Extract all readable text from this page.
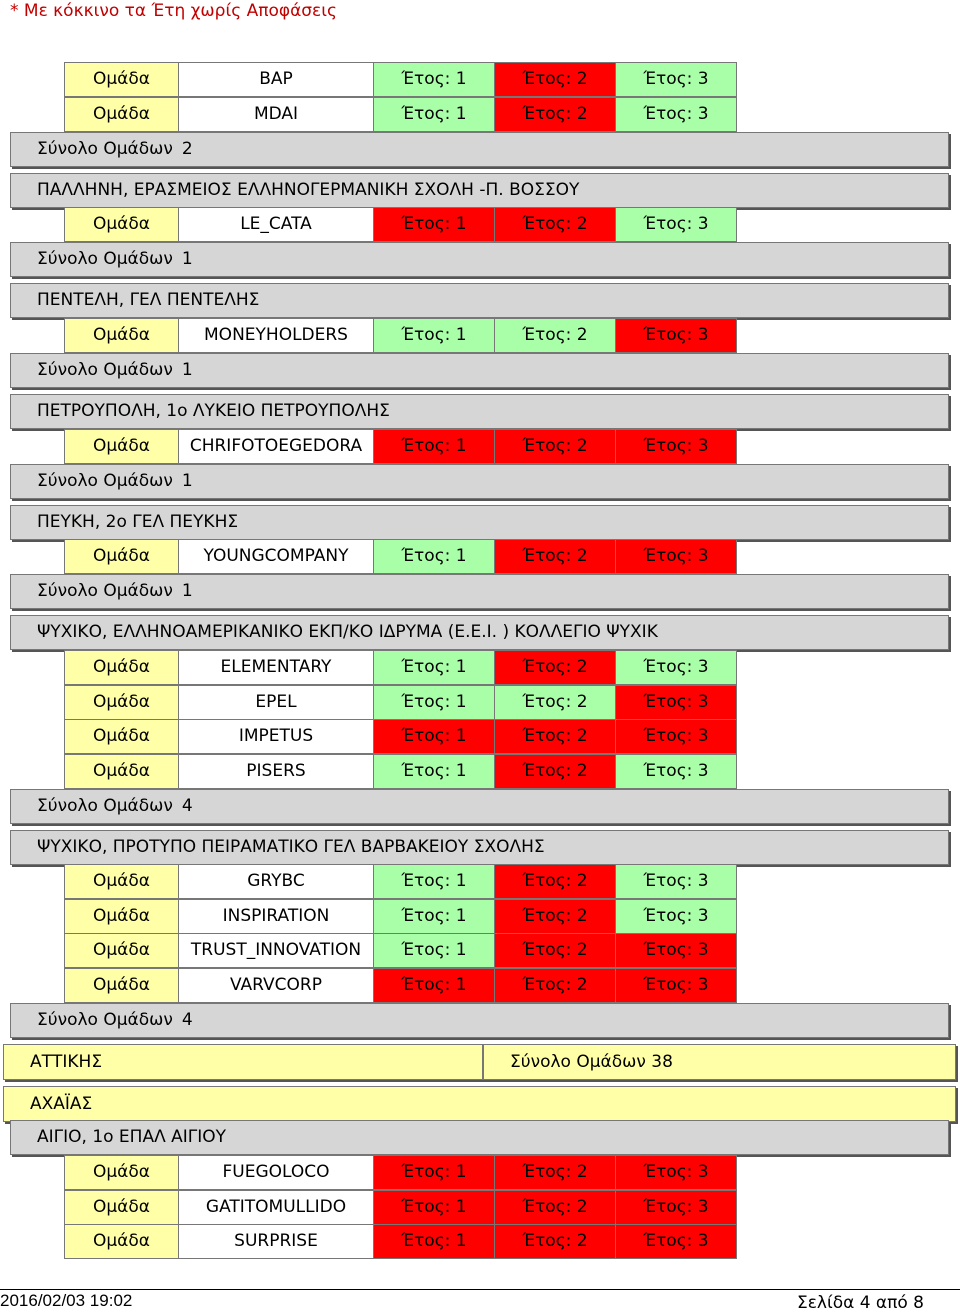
* Με κόκκινο τα Έτη χωρίς Αποφάσεις
Ομάδα	BAP	Έτος: 1	Έτος: 2	Έτος: 3
Ομάδα	MDAI	Έτος: 1	Έτος: 2	Έτος: 3
Σύνολο Ομάδων 2
ΠΑΛΛΗΝΗ, ΕΡΑΣΜΕΙΟΣ ΕΛΛΗΝΟΓΕΡΜΑΝΙΚΗ ΣΧΟΛΗ -Π. ΒΟΣΣΟΥ
Ομάδα	LE_CATA	Έτος: 1	Έτος: 2	Έτος: 3
Σύνολο Ομάδων 1
ΠΕΝΤΕΛΗ, ΓΕΛ ΠΕΝΤΕΛΗΣ
Ομάδα	MONEYHOLDERS	Έτος: 1	Έτος: 2	Έτος: 3
Σύνολο Ομάδων 1
ΠΕΤΡΟΥΠΟΛΗ, 1ο ΛΥΚΕΙΟ ΠΕΤΡΟΥΠΟΛΗΣ
Ομάδα	CHRIFOTOEGEDORA	Έτος: 1	Έτος: 2	Έτος: 3
Σύνολο Ομάδων 1
ΠΕΥΚΗ, 2ο ΓΕΛ ΠΕΥΚΗΣ
Ομάδα	YOUNGCOMPANY	Έτος: 1	Έτος: 2	Έτος: 3
Σύνολο Ομάδων 1
ΨΥΧΙΚΟ, ΕΛΛΗΝΟΑΜΕΡΙΚΑΝΙΚΟ ΕΚΠ/ΚΟ ΙΔΡΥΜΑ (Ε.Ε.Ι. ) ΚΟΛΛΕΓΙΟ ΨΥΧΙΚ
Ομάδα	ELEMENTARY	Έτος: 1	Έτος: 2	Έτος: 3
Ομάδα	EPEL	Έτος: 1	Έτος: 2	Έτος: 3
Ομάδα	IMPETUS	Έτος: 1	Έτος: 2	Έτος: 3
Ομάδα	PISERS	Έτος: 1	Έτος: 2	Έτος: 3
Σύνολο Ομάδων 4
ΨΥΧΙΚΟ, ΠΡΟΤΥΠΟ ΠΕΙΡΑΜΑΤΙΚΟ ΓΕΛ ΒΑΡΒΑΚΕΙΟΥ ΣΧΟΛΗΣ
Ομάδα	GRYBC	Έτος: 1	Έτος: 2	Έτος: 3
Ομάδα	INSPIRATION	Έτος: 1	Έτος: 2	Έτος: 3
Ομάδα	TRUST_INNOVATION	Έτος: 1	Έτος: 2	Έτος: 3
Ομάδα	VARVCORP	Έτος: 1	Έτος: 2	Έτος: 3
Σύνολο Ομάδων 4
ΑΤΤΙΚΗΣ	Σύνολο Ομάδων 38
ΑΧΑΪΑΣ
ΑΙΓΙΟ, 1ο ΕΠΑΛ ΑΙΓΙΟΥ
Ομάδα	FUEGOLOCO	Έτος: 1	Έτος: 2	Έτος: 3
Ομάδα	GATITOMULLIDO	Έτος: 1	Έτος: 2	Έτος: 3
Ομάδα	SURPRISE	Έτος: 1	Έτος: 2	Έτος: 3
2016/02/03 19:02	Σελίδα 4 από 8
